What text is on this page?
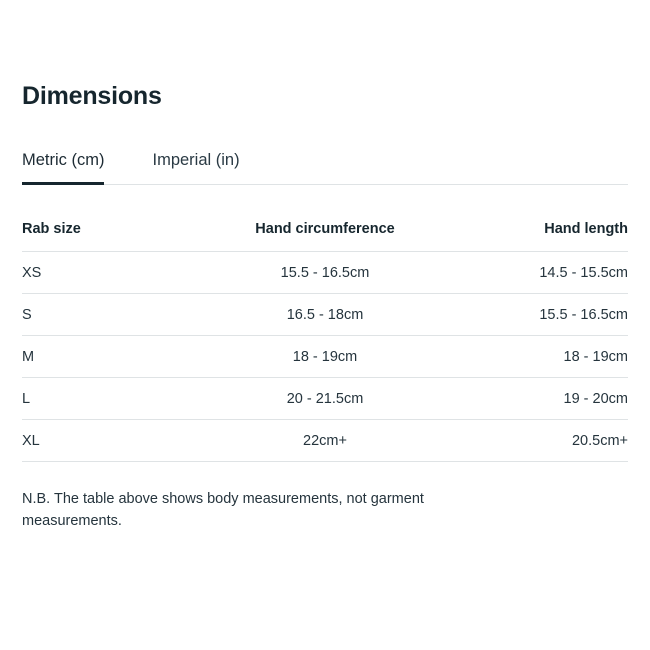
Dimensions
Metric (cm)	Imperial (in)
Rab size	Hand circumference	Hand length
XS	15.5 - 16.5cm	14.5 - 15.5cm
S	16.5 - 18cm	15.5 - 16.5cm
M	18 - 19cm	18 - 19cm
L	20 - 21.5cm	19 - 20cm
XL	22cm+	20.5cm+

N.B. The table above shows body measurements, not garment measurements.
